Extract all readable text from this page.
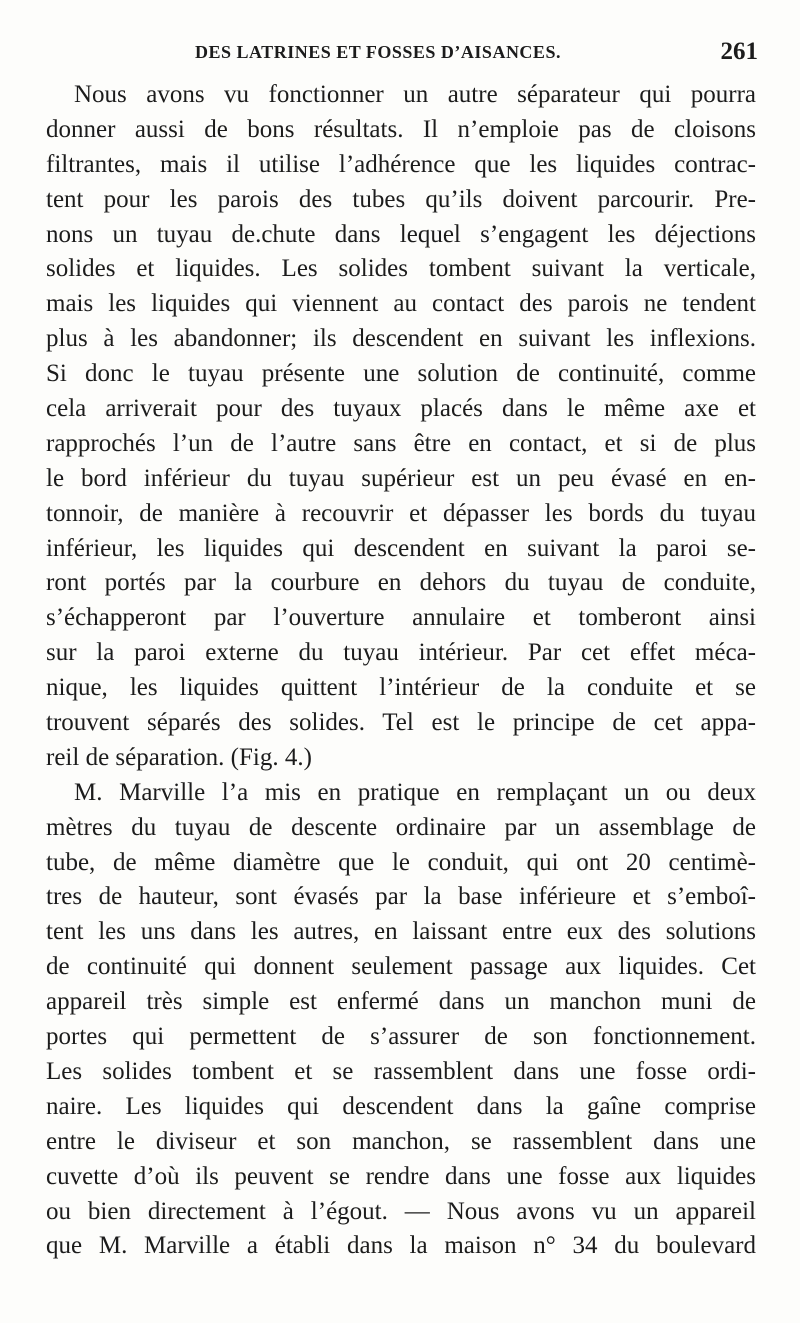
DES LATRINES ET FOSSES D’AISANCES.	261
Nous avons vu fonctionner un autre séparateur qui pourra
donner aussi de bons résultats. Il n’emploie pas de cloisons
filtrantes, mais il utilise l’adhérence que les liquides contrac-
tent pour les parois des tubes qu’ils doivent parcourir. Pre-
nons un tuyau de.chute dans lequel s’engagent les déjections
solides et liquides. Les solides tombent suivant la verticale,
mais les liquides qui viennent au contact des parois ne tendent
plus à les abandonner; ils descendent en suivant les inflexions.
Si donc le tuyau présente une solution de continuité, comme
cela arriverait pour des tuyaux placés dans le même axe et
rapprochés l’un de l’autre sans être en contact, et si de plus
le bord inférieur du tuyau supérieur est un peu évasé en en-
tonnoir, de manière à recouvrir et dépasser les bords du tuyau
inférieur, les liquides qui descendent en suivant la paroi se-
ront portés par la courbure en dehors du tuyau de conduite,
s’échapperont par l’ouverture annulaire et tomberont ainsi
sur la paroi externe du tuyau intérieur. Par cet effet méca-
nique, les liquides quittent l’intérieur de la conduite et se
trouvent séparés des solides. Tel est le principe de cet appa-
reil de séparation. (Fig. 4.)
M. Marville l’a mis en pratique en remplaçant un ou deux
mètres du tuyau de descente ordinaire par un assemblage de
tube, de même diamètre que le conduit, qui ont 20 centimè-
tres de hauteur, sont évasés par la base inférieure et s’emboî-
tent les uns dans les autres, en laissant entre eux des solutions
de continuité qui donnent seulement passage aux liquides. Cet
appareil très simple est enfermé dans un manchon muni de
portes qui permettent de s’assurer de son fonctionnement.
Les solides tombent et se rassemblent dans une fosse ordi-
naire. Les liquides qui descendent dans la gaîne comprise
entre le diviseur et son manchon, se rassemblent dans une
cuvette d’où ils peuvent se rendre dans une fosse aux liquides
ou bien directement à l’égout. — Nous avons vu un appareil
que M. Marville a établi dans la maison n° 34 du boulevard
